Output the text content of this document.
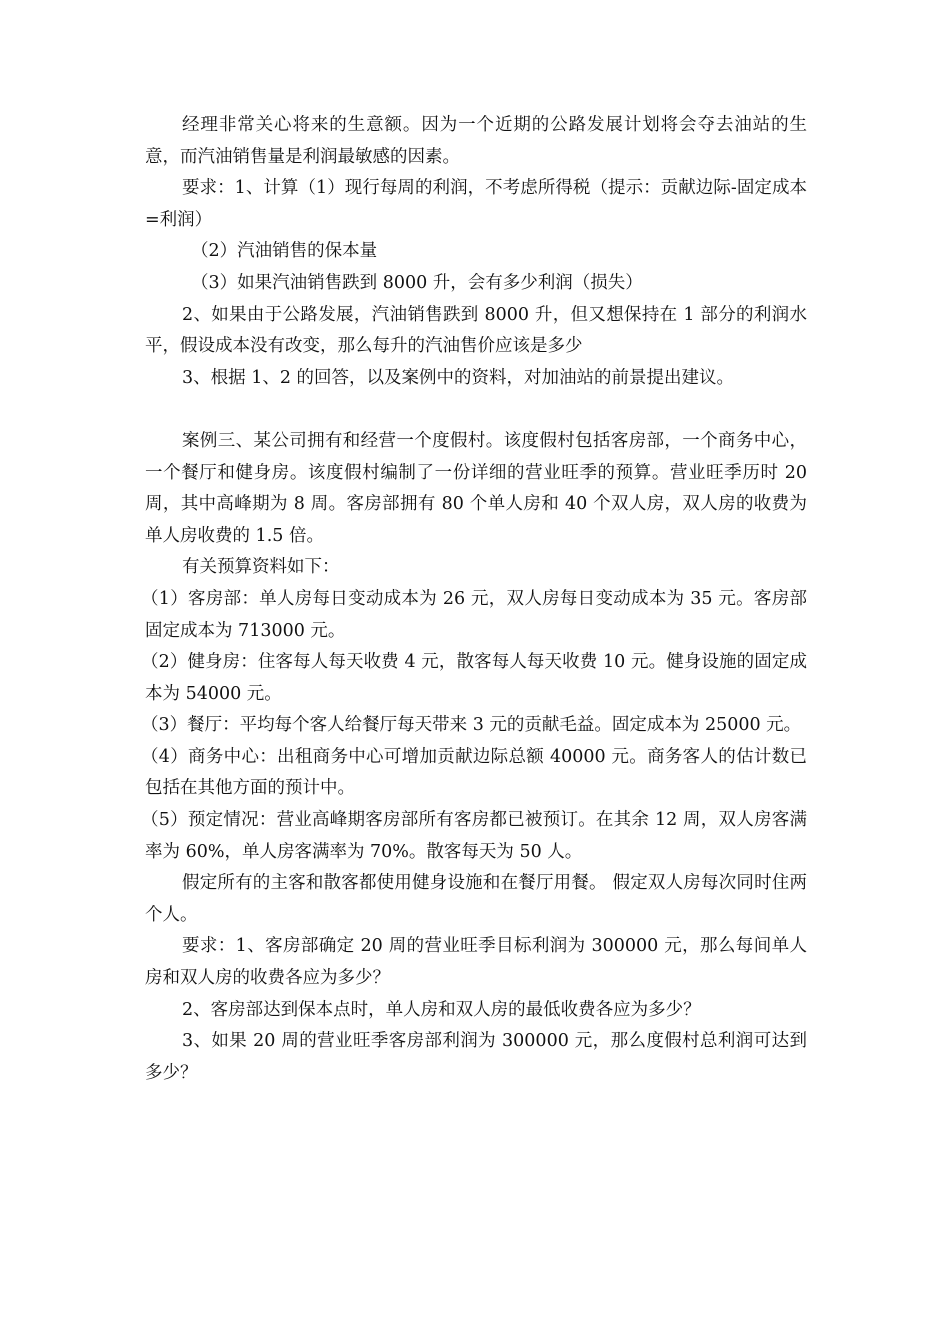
经理非常关心将来的生意额。因为一个近期的公路发展计划将会夺去油站的生意，而汽油销售量是利润最敏感的因素。

要求：1、计算（1）现行每周的利润，不考虑所得税（提示：贡献边际-固定成本=利润）

（2）汽油销售的保本量

（3）如果汽油销售跌到 8000 升，会有多少利润（损失）

2、如果由于公路发展，汽油销售跌到 8000 升，但又想保持在 1 部分的利润水平，假设成本没有改变，那么每升的汽油售价应该是多少

3、根据 1、2 的回答，以及案例中的资料，对加油站的前景提出建议。

案例三、某公司拥有和经营一个度假村。该度假村包括客房部，一个商务中心，一个餐厅和健身房。该度假村编制了一份详细的营业旺季的预算。营业旺季历时 20 周，其中高峰期为 8 周。客房部拥有 80 个单人房和 40 个双人房，双人房的收费为单人房收费的 1.5 倍。

有关预算资料如下：

（1）客房部：单人房每日变动成本为 26 元，双人房每日变动成本为 35 元。客房部固定成本为 713000 元。

（2）健身房：住客每人每天收费 4 元，散客每人每天收费 10 元。健身设施的固定成本为 54000 元。

（3）餐厅：平均每个客人给餐厅每天带来 3 元的贡献毛益。固定成本为 25000 元。

（4）商务中心：出租商务中心可增加贡献边际总额 40000 元。商务客人的估计数已包括在其他方面的预计中。

（5）预定情况：营业高峰期客房部所有客房都已被预订。在其余 12 周，双人房客满率为 60%，单人房客满率为 70%。散客每天为 50 人。

假定所有的主客和散客都使用健身设施和在餐厅用餐。 假定双人房每次同时住两个人。

要求：1、客房部确定 20 周的营业旺季目标利润为 300000 元，那么每间单人房和双人房的收费各应为多少？

2、客房部达到保本点时，单人房和双人房的最低收费各应为多少？

3、如果 20 周的营业旺季客房部利润为 300000 元，那么度假村总利润可达到多少？
